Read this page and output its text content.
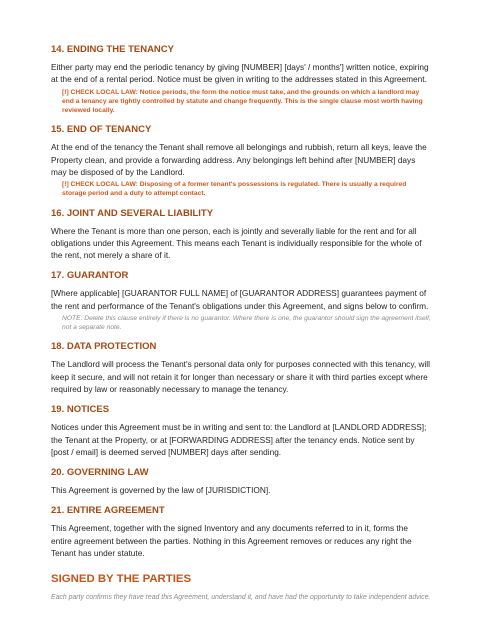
14. ENDING THE TENANCY

Either party may end the periodic tenancy by giving [NUMBER] [days' / months'] written notice, expiring at the end of a rental period. Notice must be given in writing to the addresses stated in this Agreement.

[!] CHECK LOCAL LAW: Notice periods, the form the notice must take, and the grounds on which a landlord may end a tenancy are tightly controlled by statute and change frequently. This is the single clause most worth having reviewed locally.

15. END OF TENANCY

At the end of the tenancy the Tenant shall remove all belongings and rubbish, return all keys, leave the Property clean, and provide a forwarding address. Any belongings left behind after [NUMBER] days may be disposed of by the Landlord.

[!] CHECK LOCAL LAW: Disposing of a former tenant's possessions is regulated. There is usually a required storage period and a duty to attempt contact.

16. JOINT AND SEVERAL LIABILITY

Where the Tenant is more than one person, each is jointly and severally liable for the rent and for all obligations under this Agreement. This means each Tenant is individually responsible for the whole of the rent, not merely a share of it.

17. GUARANTOR

[Where applicable] [GUARANTOR FULL NAME] of [GUARANTOR ADDRESS] guarantees payment of the rent and performance of the Tenant's obligations under this Agreement, and signs below to confirm.

NOTE: Delete this clause entirely if there is no guarantor. Where there is one, the guarantor should sign the agreement itself, not a separate note.

18. DATA PROTECTION

The Landlord will process the Tenant's personal data only for purposes connected with this tenancy, will keep it secure, and will not retain it for longer than necessary or share it with third parties except where required by law or reasonably necessary to manage the tenancy.

19. NOTICES

Notices under this Agreement must be in writing and sent to: the Landlord at [LANDLORD ADDRESS]; the Tenant at the Property, or at [FORWARDING ADDRESS] after the tenancy ends. Notice sent by [post / email] is deemed served [NUMBER] days after sending.

20. GOVERNING LAW

This Agreement is governed by the law of [JURISDICTION].

21. ENTIRE AGREEMENT

This Agreement, together with the signed Inventory and any documents referred to in it, forms the entire agreement between the parties. Nothing in this Agreement removes or reduces any right the Tenant has under statute.

SIGNED BY THE PARTIES

Each party confirms they have read this Agreement, understand it, and have had the opportunity to take independent advice.
